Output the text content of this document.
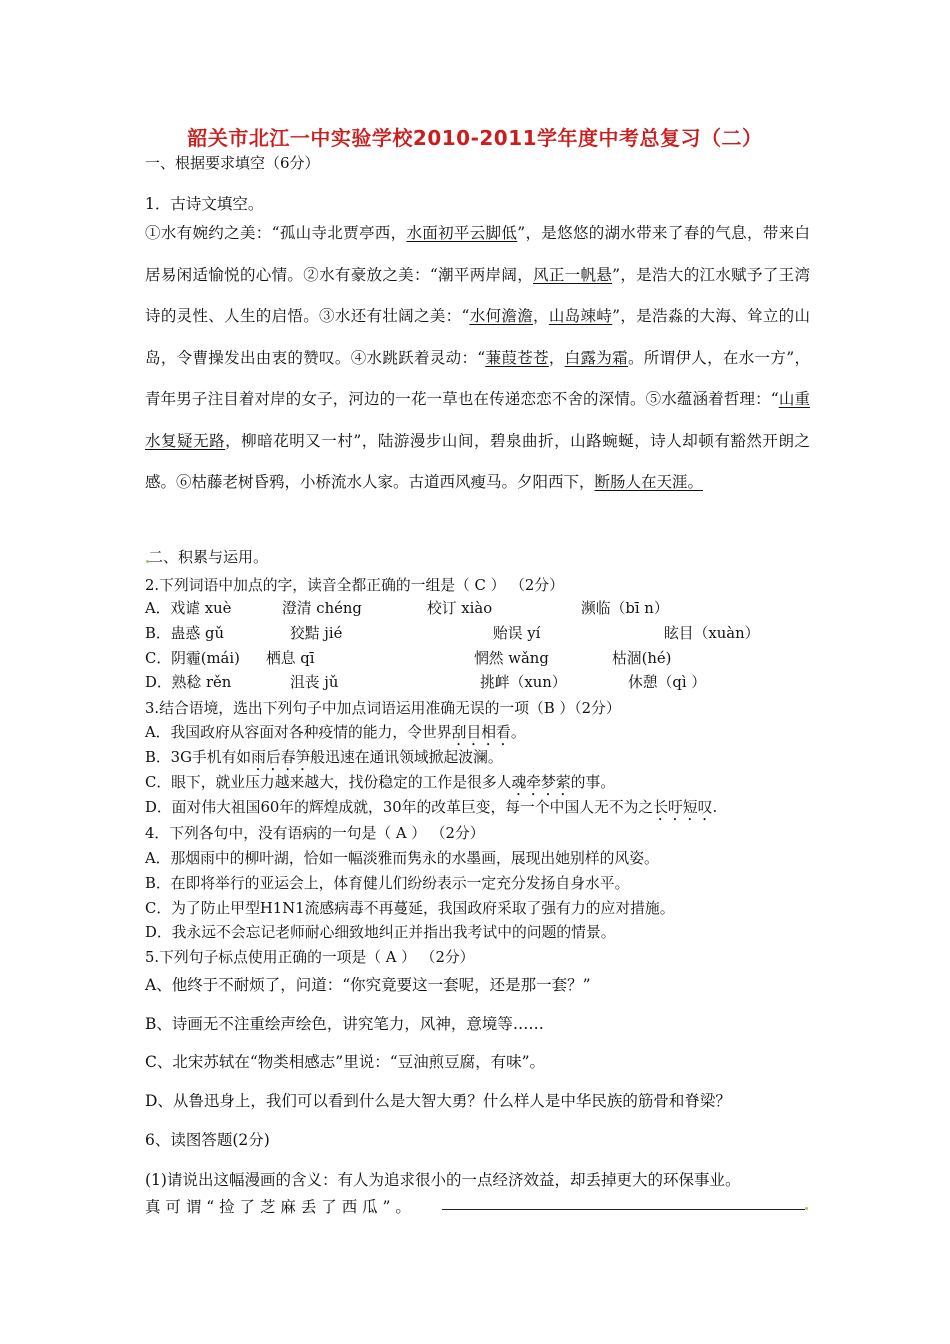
韶关市北江一中实验学校2010-2011学年度中考总复习（二）
一、根据要求填空（6分）
1．古诗文填空。
①水有婉约之美：“孤山寺北贾亭西，水面初平云脚低”，是悠悠的湖水带来了春的气息，带来白居易闲适愉悦的心情。②水有豪放之美：“潮平两岸阔，风正一帆悬”，是浩大的江水赋予了王湾诗的灵性、人生的启悟。③水还有壮阔之美：“水何澹澹，山岛竦峙”，是浩淼的大海、耸立的山岛，令曹操发出由衷的赞叹。④水跳跃着灵动：“蒹葭苍苍，白露为霜。所谓伊人，在水一方”，青年男子注目着对岸的女子，河边的一花一草也在传递恋恋不舍的深情。⑤水蕴涵着哲理：“山重水复疑无路，柳暗花明又一村”，陆游漫步山间，碧泉曲折，山路蜿蜒，诗人却顿有豁然开朗之感。⑥枯藤老树昏鸦，小桥流水人家。古道西风瘦马。夕阳西下，断肠人在天涯。
二、积累与运用。
2.下列词语中加点的字，读音全都正确的一组是（ C ） （2分）
A．戏谑 xuè	澄清 chéng	校订 xiào	濒临（bī n）
B．蛊惑 gǔ	狡黠 jié	贻误 yí	眩目（xuàn）
C．阴霾(mái) 栖息 qī	惘然 wǎng	枯涸(hé)
D．熟稔 rěn	沮丧 jǔ	挑衅（xun）	休憩（qì ）
3.结合语境，选出下列句子中加点词语运用准确无误的一项（B ）（2分）
A．我国政府从容面对各种疫情的能力，令世界刮目相看。
B．3G手机有如雨后春笋般迅速在通讯领域掀起波澜。
C．眼下，就业压力越来越大，找份稳定的工作是很多人魂牵梦萦的事。
D．面对伟大祖国60年的辉煌成就，30年的改革巨变，每一个中国人无不为之长吁短叹.
4．下列各句中，没有语病的一句是（ A ） （2分）
A．那烟雨中的柳叶湖，恰如一幅淡雅而隽永的水墨画，展现出她别样的风姿。
B．在即将举行的亚运会上，体育健儿们纷纷表示一定充分发扬自身水平。
C．为了防止甲型H1N1流感病毒不再蔓延，我国政府采取了强有力的应对措施。
D．我永远不会忘记老师耐心细致地纠正并指出我考试中的问题的情景。
5.下列句子标点使用正确的一项是（ A ） （2分）
A、他终于不耐烦了，问道：“你究竟要这一套呢，还是那一套？”
B、诗画无不注重绘声绘色，讲究笔力，风神，意境等……
C、北宋苏轼在“物类相感志”里说：“豆油煎豆腐，有味”。
D、从鲁迅身上，我们可以看到什么是大智大勇？什么样人是中华民族的筋骨和脊梁？
6、读图答题(2分)
(1)请说出这幅漫画的含义：有人为追求很小的一点经济效益，却丢掉更大的环保事业。
真 可 谓 “ 捡 了 芝 麻 丢 了 西 瓜 ” 。
